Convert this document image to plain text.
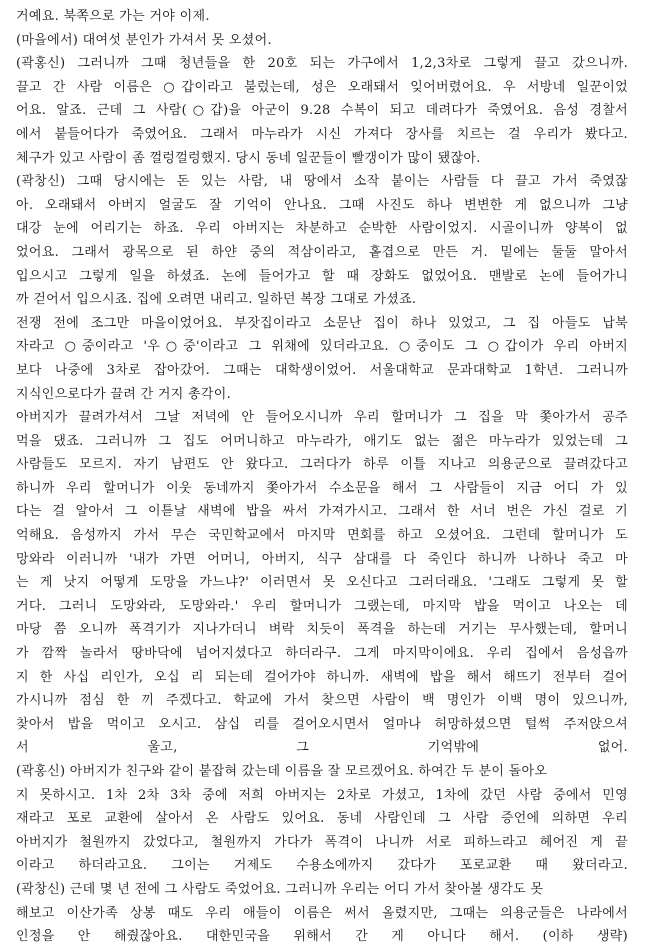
거예요. 북쪽으로 가는 거야 이제.
(마을에서) 대여섯 분인가 가셔서 못 오셨어.
(곽홍신) 그러니까 그때 청년들을 한 20호 되는 가구에서 1,2,3차로 그렇게 끌고 갔으니까.
끌고 간 사람 이름은 ○갑이라고 불렀는데, 성은 오래돼서 잊어버렸어요. 우 서방네 일꾼이었
어요. 알죠. 근데 그 사람(○갑)을 아군이 9.28 수복이 되고 데려다가 죽였어요. 음성 경찰서
에서 붙들어다가 죽였어요. 그래서 마누라가 시신 가져다 장사를 치르는 걸 우리가 봤다고.
체구가 있고 사람이 좀 껄렁껄렁했지. 당시 동네 일꾼들이 빨갱이가 많이 됐잖아.
(곽창신) 그때 당시에는 돈 있는 사람, 내 땅에서 소작 붙이는 사람들 다 끌고 가서 죽였잖
아. 오래돼서 아버지 얼굴도 잘 기억이 안나요. 그때 사진도 하나 변변한 게 없으니까 그냥
대강 눈에 어리기는 하죠. 우리 아버지는 차분하고 순박한 사람이었지. 시골이니까 양복이 없
었어요. 그래서 광목으로 된 하얀 중의 적삼이라고, 홑겹으로 만든 거. 밑에는 둘둘 말아서
입으시고 그렇게 일을 하셨죠. 논에 들어가고 할 때 장화도 없었어요. 맨발로 논에 들어가니
까 걷어서 입으시죠. 집에 오려면 내리고. 일하던 복장 그대로 가셨죠.
전쟁 전에 조그만 마을이었어요. 부잣집이라고 소문난 집이 하나 있었고, 그 집 아들도 납북
자라고 ○중이라고 '우○중'이라고 그 위채에 있더라고요. ○중이도 그 ○갑이가 우리 아버지
보다 나중에 3차로 잡아갔어. 그때는 대학생이었어. 서울대학교 문과대학교 1학년. 그러니까
지식인으로다가 끌려 간 거지 총각이.
아버지가 끌려가셔서 그날 저녁에 안 들어오시니까 우리 할머니가 그 집을 막 쫓아가서 공주
먹을 댔죠. 그러니까 그 집도 어머니하고 마누라가, 애기도 없는 젊은 마누라가 있었는데 그
사람들도 모르지. 자기 남편도 안 왔다고. 그러다가 하루 이틀 지나고 의용군으로 끌려갔다고
하니까 우리 할머니가 이웃 동네까지 쫓아가서 수소문을 해서 그 사람들이 지금 어디 가 있
다는 걸 알아서 그 이튿날 새벽에 밥을 싸서 가져가시고. 그래서 한 서너 번은 가신 걸로 기
억해요. 음성까지 가서 무슨 국민학교에서 마지막 면회를 하고 오셨어요. 그런데 할머니가 도
망와라 이러니까 '내가 가면 어머니, 아버지, 식구 삼대를 다 죽인다 하니까 나하나 죽고 마
는 게 낫지 어떻게 도망을 가느냐?' 이러면서 못 오신다고 그러더래요. '그래도 그렇게 못 할
거다. 그러니 도망와라, 도망와라.' 우리 할머니가 그랬는데, 마지막 밥을 먹이고 나오는 데
마당 쯤 오니까 폭격기가 지나가더니 벼락 치듯이 폭격을 하는데 거기는 무사했는데, 할머니
가 깜짝 놀라서 땅바닥에 넘어지셨다고 하더라구. 그게 마지막이에요. 우리 집에서 음성읍까
지 한 사십 리인가, 오십 리 되는데 걸어가야 하니까. 새벽에 밥을 해서 해뜨기 전부터 걸어
가시니까 점심 한 끼 주겠다고. 학교에 가서 찾으면 사람이 백 명인가 이백 명이 있으니까,
찾아서 밥을 먹이고 오시고. 삼십 리를 걸어오시면서 얼마나 허망하셨으면 털썩 주저앉으셔
서 울고, 그 기억밖에 없어.
(곽홍신) 아버지가 친구와 같이 붙잡혀 갔는데 이름을 잘 모르겠어요. 하여간 두 분이 돌아오
지 못하시고. 1차 2차 3차 중에 저희 아버지는 2차로 가셨고, 1차에 갔던 사람 중에서 민영
재라고 포로 교환에 살아서 온 사람도 있어요. 동네 사람인데 그 사람 증언에 의하면 우리
아버지가 철원까지 갔었다고, 철원까지 가다가 폭격이 나니까 서로 피하느라고 헤어진 게 끝
이라고 하더라고요. 그이는 거제도 수용소에까지 갔다가 포로교환 때 왔더라고.
(곽창신) 근데 몇 년 전에 그 사람도 죽었어요. 그러니까 우리는 어디 가서 찾아볼 생각도 못
해보고 이산가족 상봉 때도 우리 애들이 이름은 써서 올렸지만, 그때는 의용군들은 나라에서
인정을 안 해줬잖아요. 대한민국을 위해서 간 게 아니다 해서. (이하 생략)
